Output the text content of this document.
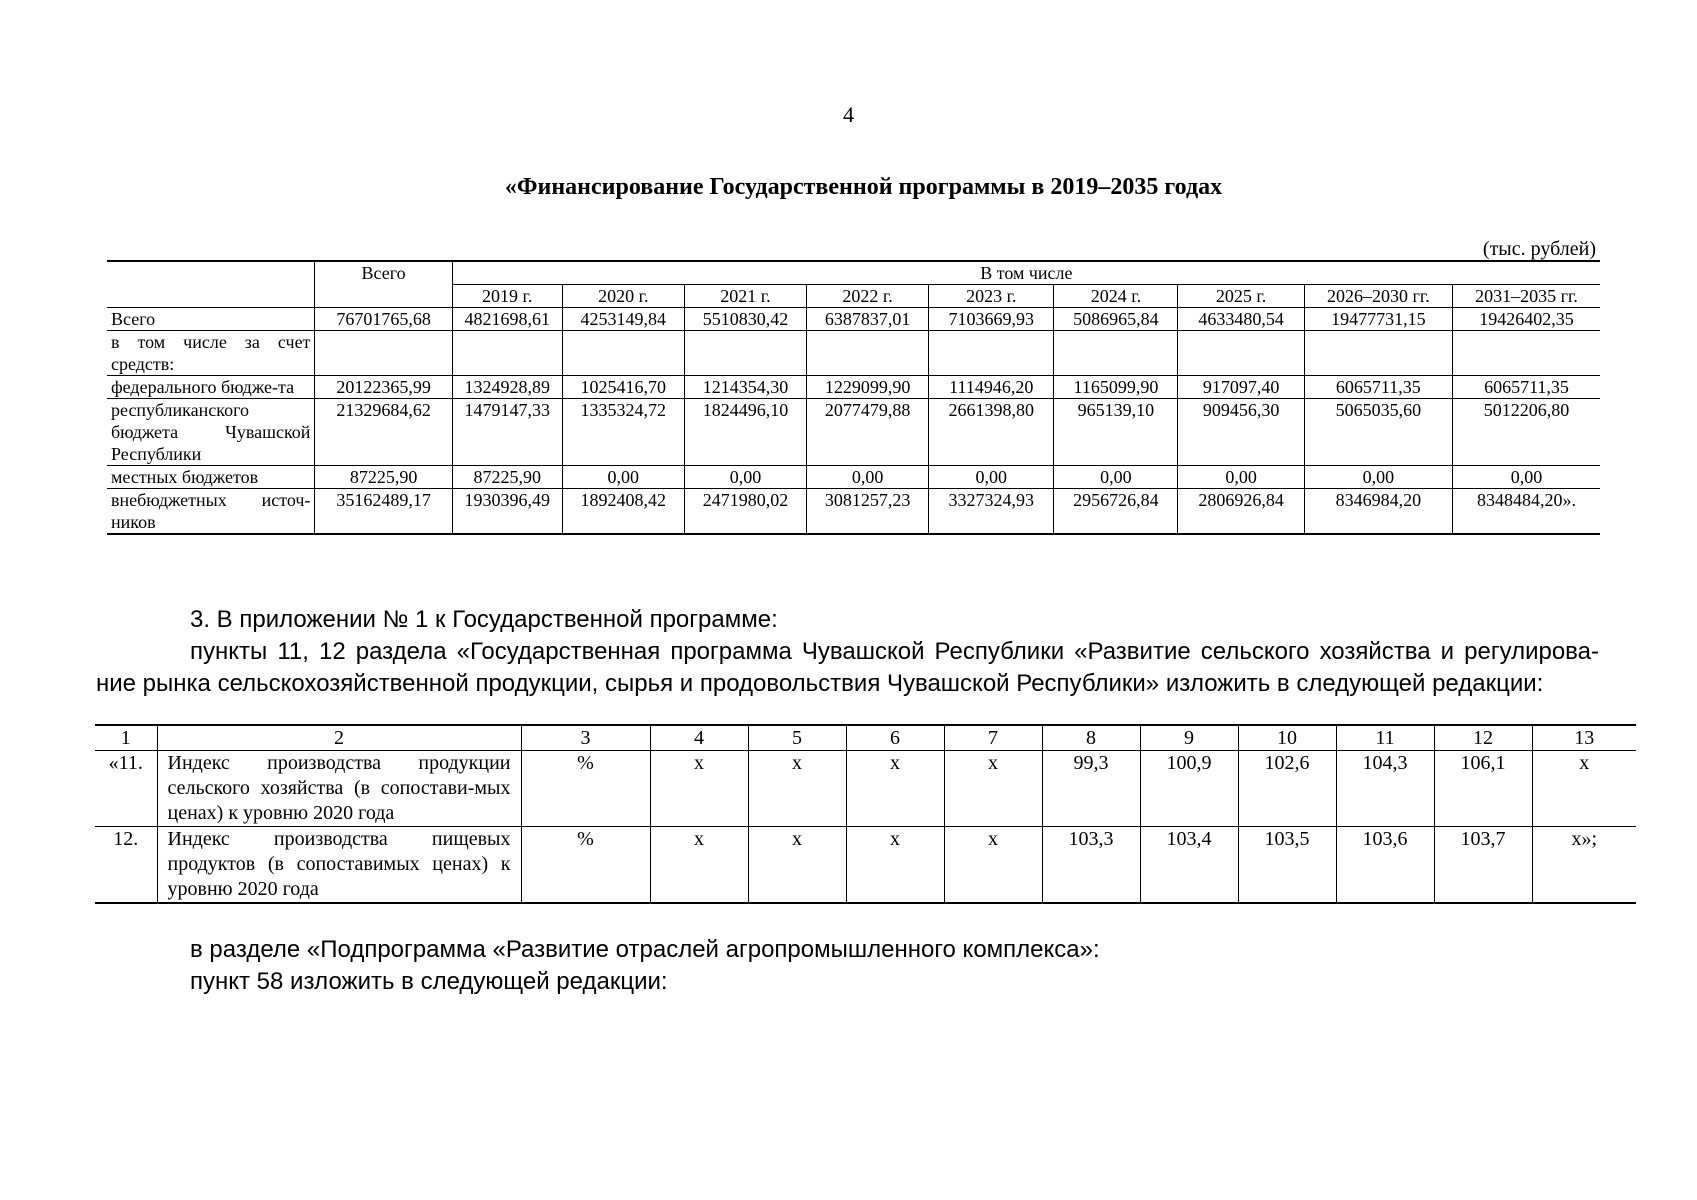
4
«Финансирование Государственной программы в 2019–2035 годах
(тыс. рублей)
	Всего	В том числе								
		2019 г.	2020 г.	2021 г.	2022 г.	2023 г.	2024 г.	2025 г.	2026–2030 гг.	2031–2035 гг.
Всего	76701765,68	4821698,61	4253149,84	5510830,42	6387837,01	7103669,93	5086965,84	4633480,54	19477731,15	19426402,35
в том числе за счет средств:										
федерального бюдже-та	20122365,99	1324928,89	1025416,70	1214354,30	1229099,90	1114946,20	1165099,90	917097,40	6065711,35	6065711,35
республиканского бюджета Чувашской Республики	21329684,62	1479147,33	1335324,72	1824496,10	2077479,88	2661398,80	965139,10	909456,30	5065035,60	5012206,80
местных бюджетов	87225,90	87225,90	0,00	0,00	0,00	0,00	0,00	0,00	0,00	0,00
внебюджетных источ-ников	35162489,17	1930396,49	1892408,42	2471980,02	3081257,23	3327324,93	2956726,84	2806926,84	8346984,20	8348484,20».
3. В приложении № 1 к Государственной программе:
пункты 11, 12 раздела «Государственная программа Чувашской Республики «Развитие сельского хозяйства и регулирова-
ние рынка сельскохозяйственной продукции, сырья и продовольствия Чувашской Республики» изложить в следующей редакции:
1	2	3	4	5	6	7	8	9	10	11	12	13
«11.	Индекс производства продукции сельского хозяйства (в сопостави-мых ценах) к уровню 2020 года	%	х	х	х	х	99,3	100,9	102,6	104,3	106,1	х
12.	Индекс производства пищевых продуктов (в сопоставимых ценах) к уровню 2020 года	%	х	х	х	х	103,3	103,4	103,5	103,6	103,7	х»;
в разделе «Подпрограмма «Развитие отраслей агропромышленного комплекса»:
пункт 58 изложить в следующей редакции:
